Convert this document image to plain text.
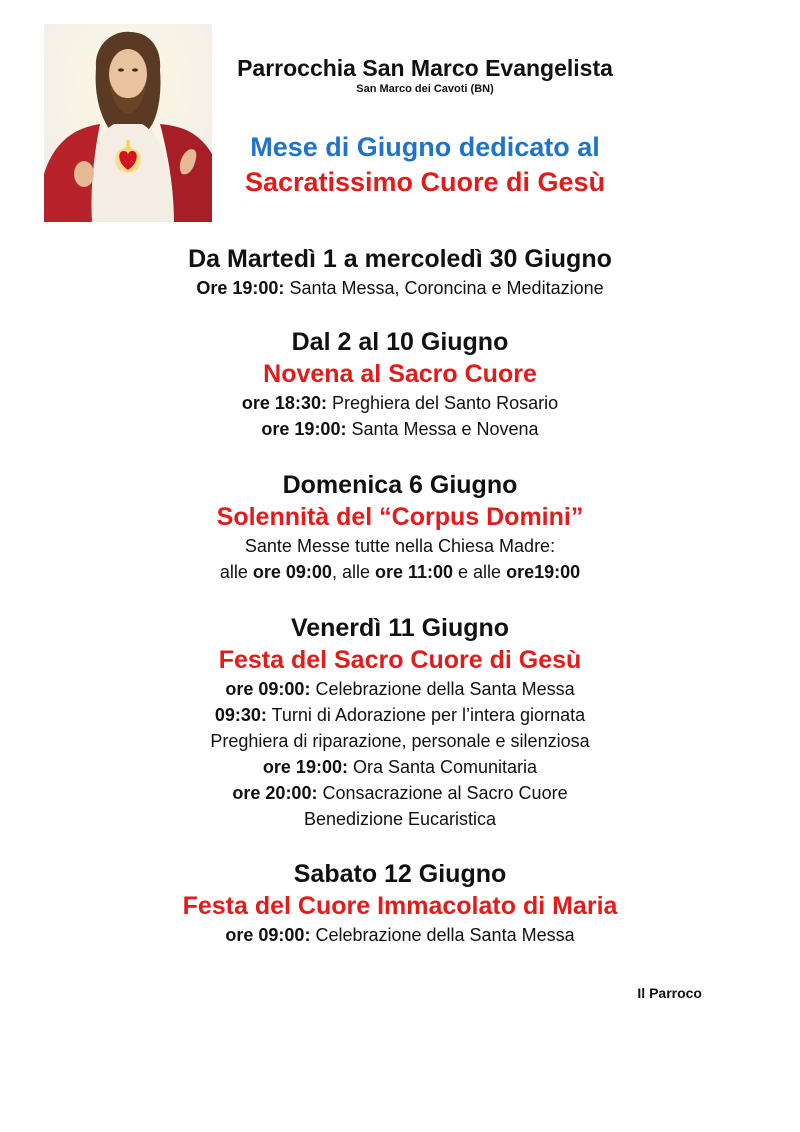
Parrocchia San Marco Evangelista
San Marco dei Cavoti (BN)
Mese di Giugno dedicato al
Sacratissimo Cuore di Gesù
Da Martedì 1 a mercoledì 30 Giugno
Ore 19:00: Santa Messa, Coroncina e Meditazione
Dal 2 al 10 Giugno
Novena al Sacro Cuore
ore 18:30: Preghiera del Santo Rosario
ore 19:00: Santa Messa e Novena
Domenica 6 Giugno
Solennità del “Corpus Domini”
Sante Messe tutte nella Chiesa Madre:
alle ore 09:00, alle ore 11:00 e alle ore19:00
Venerdì 11 Giugno
Festa del Sacro Cuore di Gesù
ore 09:00: Celebrazione della Santa Messa
09:30: Turni di Adorazione per l’intera giornata
Preghiera di riparazione, personale e silenziosa
ore 19:00: Ora Santa Comunitaria
ore 20:00: Consacrazione al Sacro Cuore
Benedizione Eucaristica
Sabato 12 Giugno
Festa del Cuore Immacolato di Maria
ore 09:00: Celebrazione della Santa Messa
Il Parroco
